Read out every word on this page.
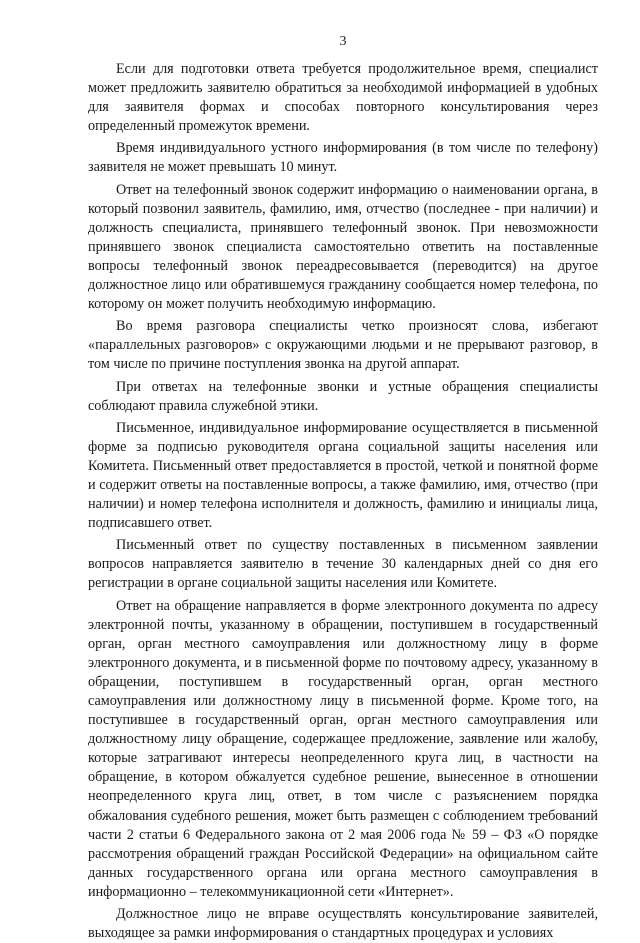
3

Если для подготовки ответа требуется продолжительное время, специалист может предложить заявителю обратиться за необходимой информацией в удобных для заявителя формах и способах повторного консультирования через определенный промежуток времени.

Время индивидуального устного информирования (в том числе по телефону) заявителя не может превышать 10 минут.

Ответ на телефонный звонок содержит информацию о наименовании органа, в который позвонил заявитель, фамилию, имя, отчество (последнее - при наличии) и должность специалиста, принявшего телефонный звонок. При невозможности принявшего звонок специалиста самостоятельно ответить на поставленные вопросы телефонный звонок переадресовывается (переводится) на другое должностное лицо или обратившемуся гражданину сообщается номер телефона, по которому он может получить необходимую информацию.

Во время разговора специалисты четко произносят слова, избегают «параллельных разговоров» с окружающими людьми и не прерывают разговор, в том числе по причине поступления звонка на другой аппарат.

При ответах на телефонные звонки и устные обращения специалисты соблюдают правила служебной этики.

Письменное, индивидуальное информирование осуществляется в письменной форме за подписью руководителя органа социальной защиты населения или Комитета. Письменный ответ предоставляется в простой, четкой и понятной форме и содержит ответы на поставленные вопросы, а также фамилию, имя, отчество (при наличии) и номер телефона исполнителя и должность, фамилию и инициалы лица, подписавшего ответ.

Письменный ответ по существу поставленных в письменном заявлении вопросов направляется заявителю в течение 30 календарных дней со дня его регистрации в органе социальной защиты населения или Комитете.

Ответ на обращение направляется в форме электронного документа по адресу электронной почты, указанному в обращении, поступившем в государственный орган, орган местного самоуправления или должностному лицу в форме электронного документа, и в письменной форме по почтовому адресу, указанному в обращении, поступившем в государственный орган, орган местного самоуправления или должностному лицу в письменной форме. Кроме того, на поступившее в государственный орган, орган местного самоуправления или должностному лицу обращение, содержащее предложение, заявление или жалобу, которые затрагивают интересы неопределенного круга лиц, в частности на обращение, в котором обжалуется судебное решение, вынесенное в отношении неопределенного круга лиц, ответ, в том числе с разъяснением порядка обжалования судебного решения, может быть размещен с соблюдением требований части 2 статьи 6 Федерального закона от 2 мая 2006 года № 59 – ФЗ «О порядке рассмотрения обращений граждан Российской Федерации» на официальном сайте данных государственного органа или органа местного самоуправления в информационно – телекоммуникационной сети «Интернет».

Должностное лицо не вправе осуществлять консультирование заявителей, выходящее за рамки информирования о стандартных процедурах и условиях
